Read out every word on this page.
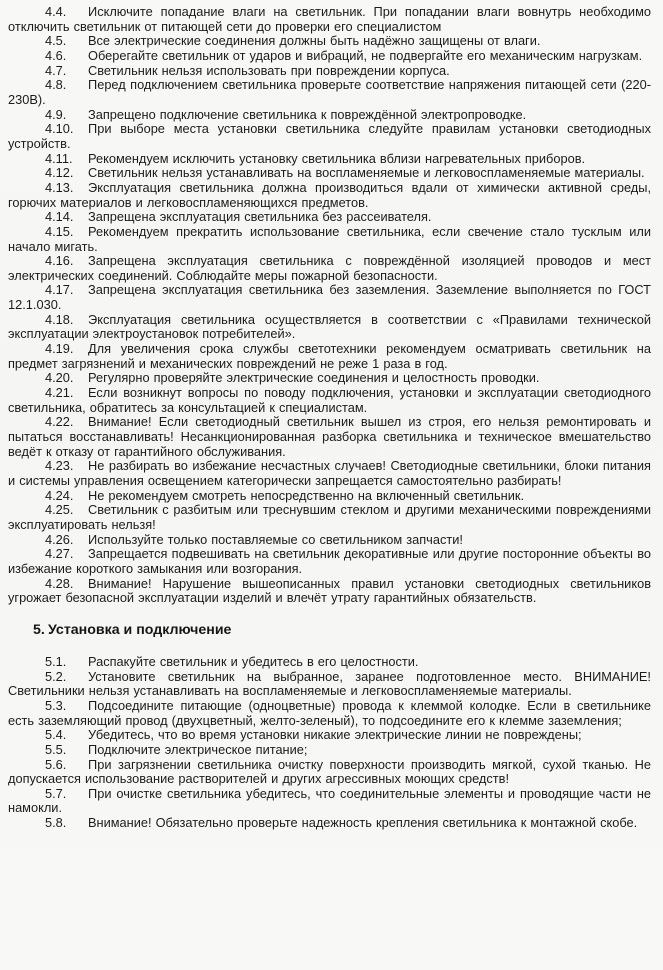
4.4. Исключите попадание влаги на светильник. При попадании влаги вовнутрь необходимо отключить светильник от питающей сети до проверки его специалистом

4.5. Все электрические соединения должны быть надёжно защищены от влаги.

4.6. Оберегайте светильник от ударов и вибраций, не подвергайте его механическим нагрузкам.

4.7. Светильник нельзя использовать при повреждении корпуса.

4.8. Перед подключением светильника проверьте соответствие напряжения питающей сети (220-230В).

4.9. Запрещено подключение светильника к повреждённой электропроводке.

4.10. При выборе места установки светильника следуйте правилам установки светодиодных устройств.

4.11. Рекомендуем исключить установку светильника вблизи нагревательных приборов.

4.12. Светильник нельзя устанавливать на воспламеняемые и легковоспламеняемые материалы.

4.13. Эксплуатация светильника должна производиться вдали от химически активной среды, горючих материалов и легковоспламеняющихся предметов.

4.14. Запрещена эксплуатация светильника без рассеивателя.

4.15. Рекомендуем прекратить использование светильника, если свечение стало тусклым или начало мигать.

4.16. Запрещена эксплуатация светильника с повреждённой изоляцией проводов и мест электрических соединений. Соблюдайте меры пожарной безопасности.

4.17. Запрещена эксплуатация светильника без заземления. Заземление выполняется по ГОСТ 12.1.030.

4.18. Эксплуатация светильника осуществляется в соответствии с «Правилами технической эксплуатации электроустановок потребителей».

4.19. Для увеличения срока службы светотехники рекомендуем осматривать светильник на предмет загрязнений и механических повреждений не реже 1 раза в год.

4.20. Регулярно проверяйте электрические соединения и целостность проводки.

4.21. Если возникнут вопросы по поводу подключения, установки и эксплуатации светодиодного светильника, обратитесь за консультацией к специалистам.

4.22. Внимание! Если светодиодный светильник вышел из строя, его нельзя ремонтировать и пытаться восстанавливать! Несанкционированная разборка светильника и техническое вмешательство ведёт к отказу от гарантийного обслуживания.

4.23. Не разбирать во избежание несчастных случаев! Светодиодные светильники, блоки питания и системы управления освещением категорически запрещается самостоятельно разбирать!

4.24. Не рекомендуем смотреть непосредственно на включенный светильник.

4.25. Светильник с разбитым или треснувшим стеклом и другими механическими повреждениями эксплуатировать нельзя!

4.26. Используйте только поставляемые со светильником запчасти!

4.27. Запрещается подвешивать на светильник декоративные или другие посторонние объекты во избежание короткого замыкания или возгорания.

4.28. Внимание! Нарушение вышеописанных правил установки светодиодных светильников угрожает безопасной эксплуатации изделий и влечёт утрату гарантийных обязательств.

5. Установка и подключение

5.1. Распакуйте светильник и убедитесь в его целостности.

5.2. Установите светильник на выбранное, заранее подготовленное место. ВНИМАНИЕ! Светильники нельзя устанавливать на воспламеняемые и легковоспламеняемые материалы.

5.3. Подсоедините питающие (одноцветные) провода к клеммой колодке. Если в светильнике есть заземляющий провод (двухцветный, желто-зеленый), то подсоедините его к клемме заземления;

5.4. Убедитесь, что во время установки никакие электрические линии не повреждены;

5.5. Подключите электрическое питание;

5.6. При загрязнении светильника очистку поверхности производить мягкой, сухой тканью. Не допускается использование растворителей и других агрессивных моющих средств!

5.7. При очистке светильника убедитесь, что соединительные элементы и проводящие части не намокли.

5.8. Внимание! Обязательно проверьте надежность крепления светильника к монтажной скобе.
